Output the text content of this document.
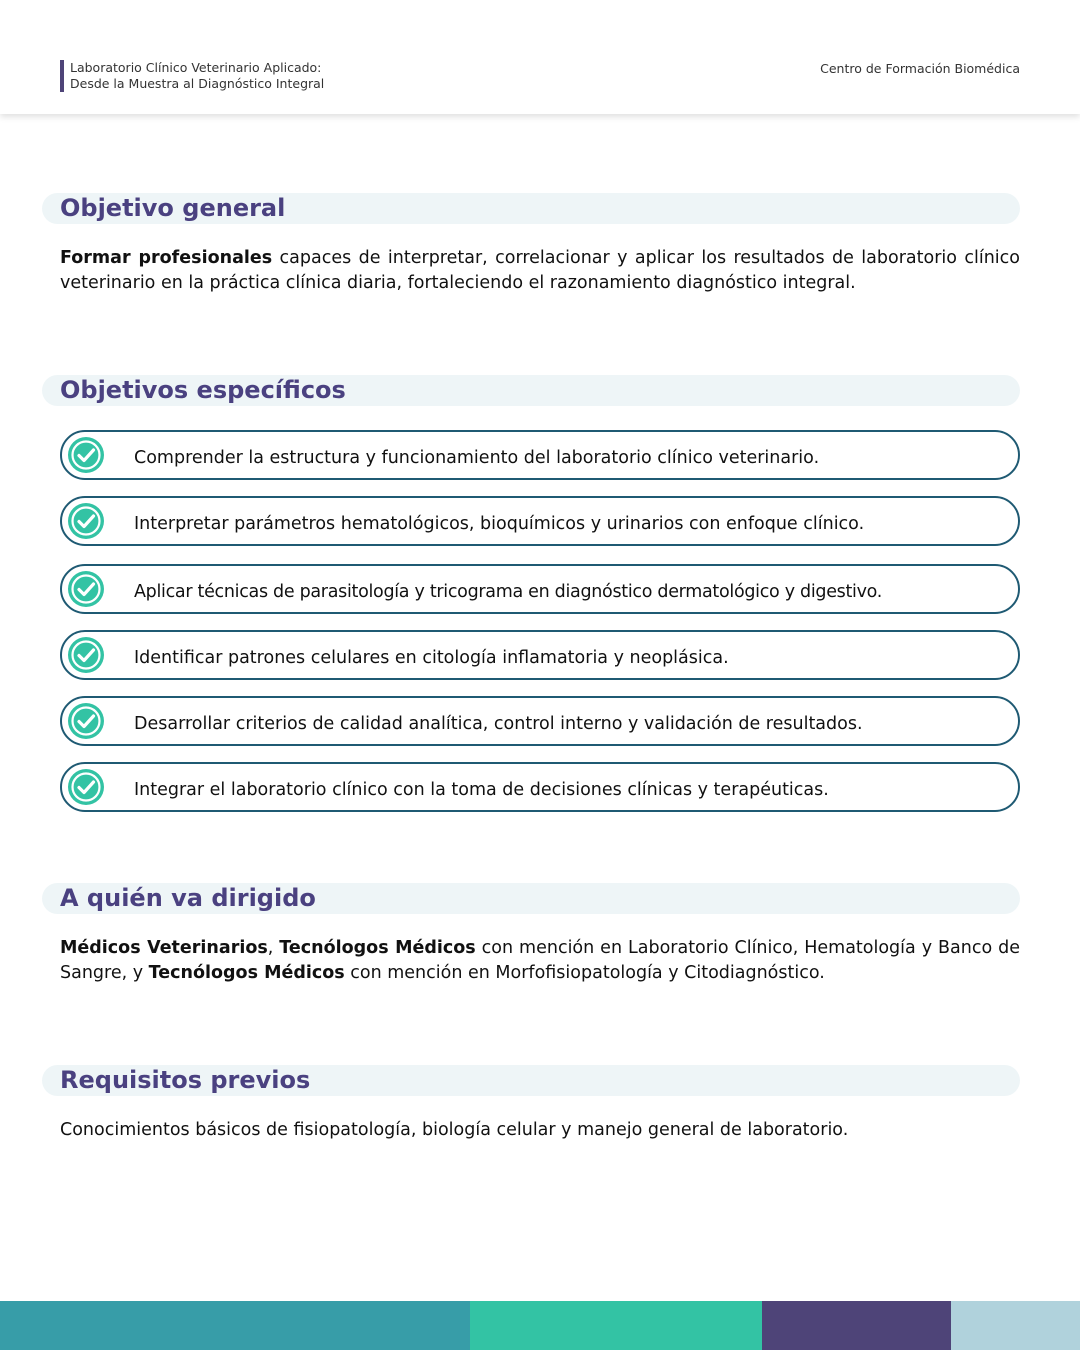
Laboratorio Clínico Veterinario Aplicado:
Desde la Muestra al Diagnóstico Integral
Centro de Formación Biomédica
Objetivo general
Formar profesionales capaces de interpretar, correlacionar y aplicar los resultados de laboratorio clínico veterinario en la práctica clínica diaria, fortaleciendo el razonamiento diagnóstico integral.
Objetivos específicos
Comprender la estructura y funcionamiento del laboratorio clínico veterinario.
Interpretar parámetros hematológicos, bioquímicos y urinarios con enfoque clínico.
Aplicar técnicas de parasitología y tricograma en diagnóstico dermatológico y digestivo.
Identificar patrones celulares en citología inflamatoria y neoplásica.
Desarrollar criterios de calidad analítica, control interno y validación de resultados.
Integrar el laboratorio clínico con la toma de decisiones clínicas y terapéuticas.
A quién va dirigido
Médicos Veterinarios, Tecnólogos Médicos con mención en Laboratorio Clínico, Hematología y Banco de Sangre, y Tecnólogos Médicos con mención en Morfofisiopatología y Citodiagnóstico.
Requisitos previos
Conocimientos básicos de fisiopatología, biología celular y manejo general de laboratorio.
